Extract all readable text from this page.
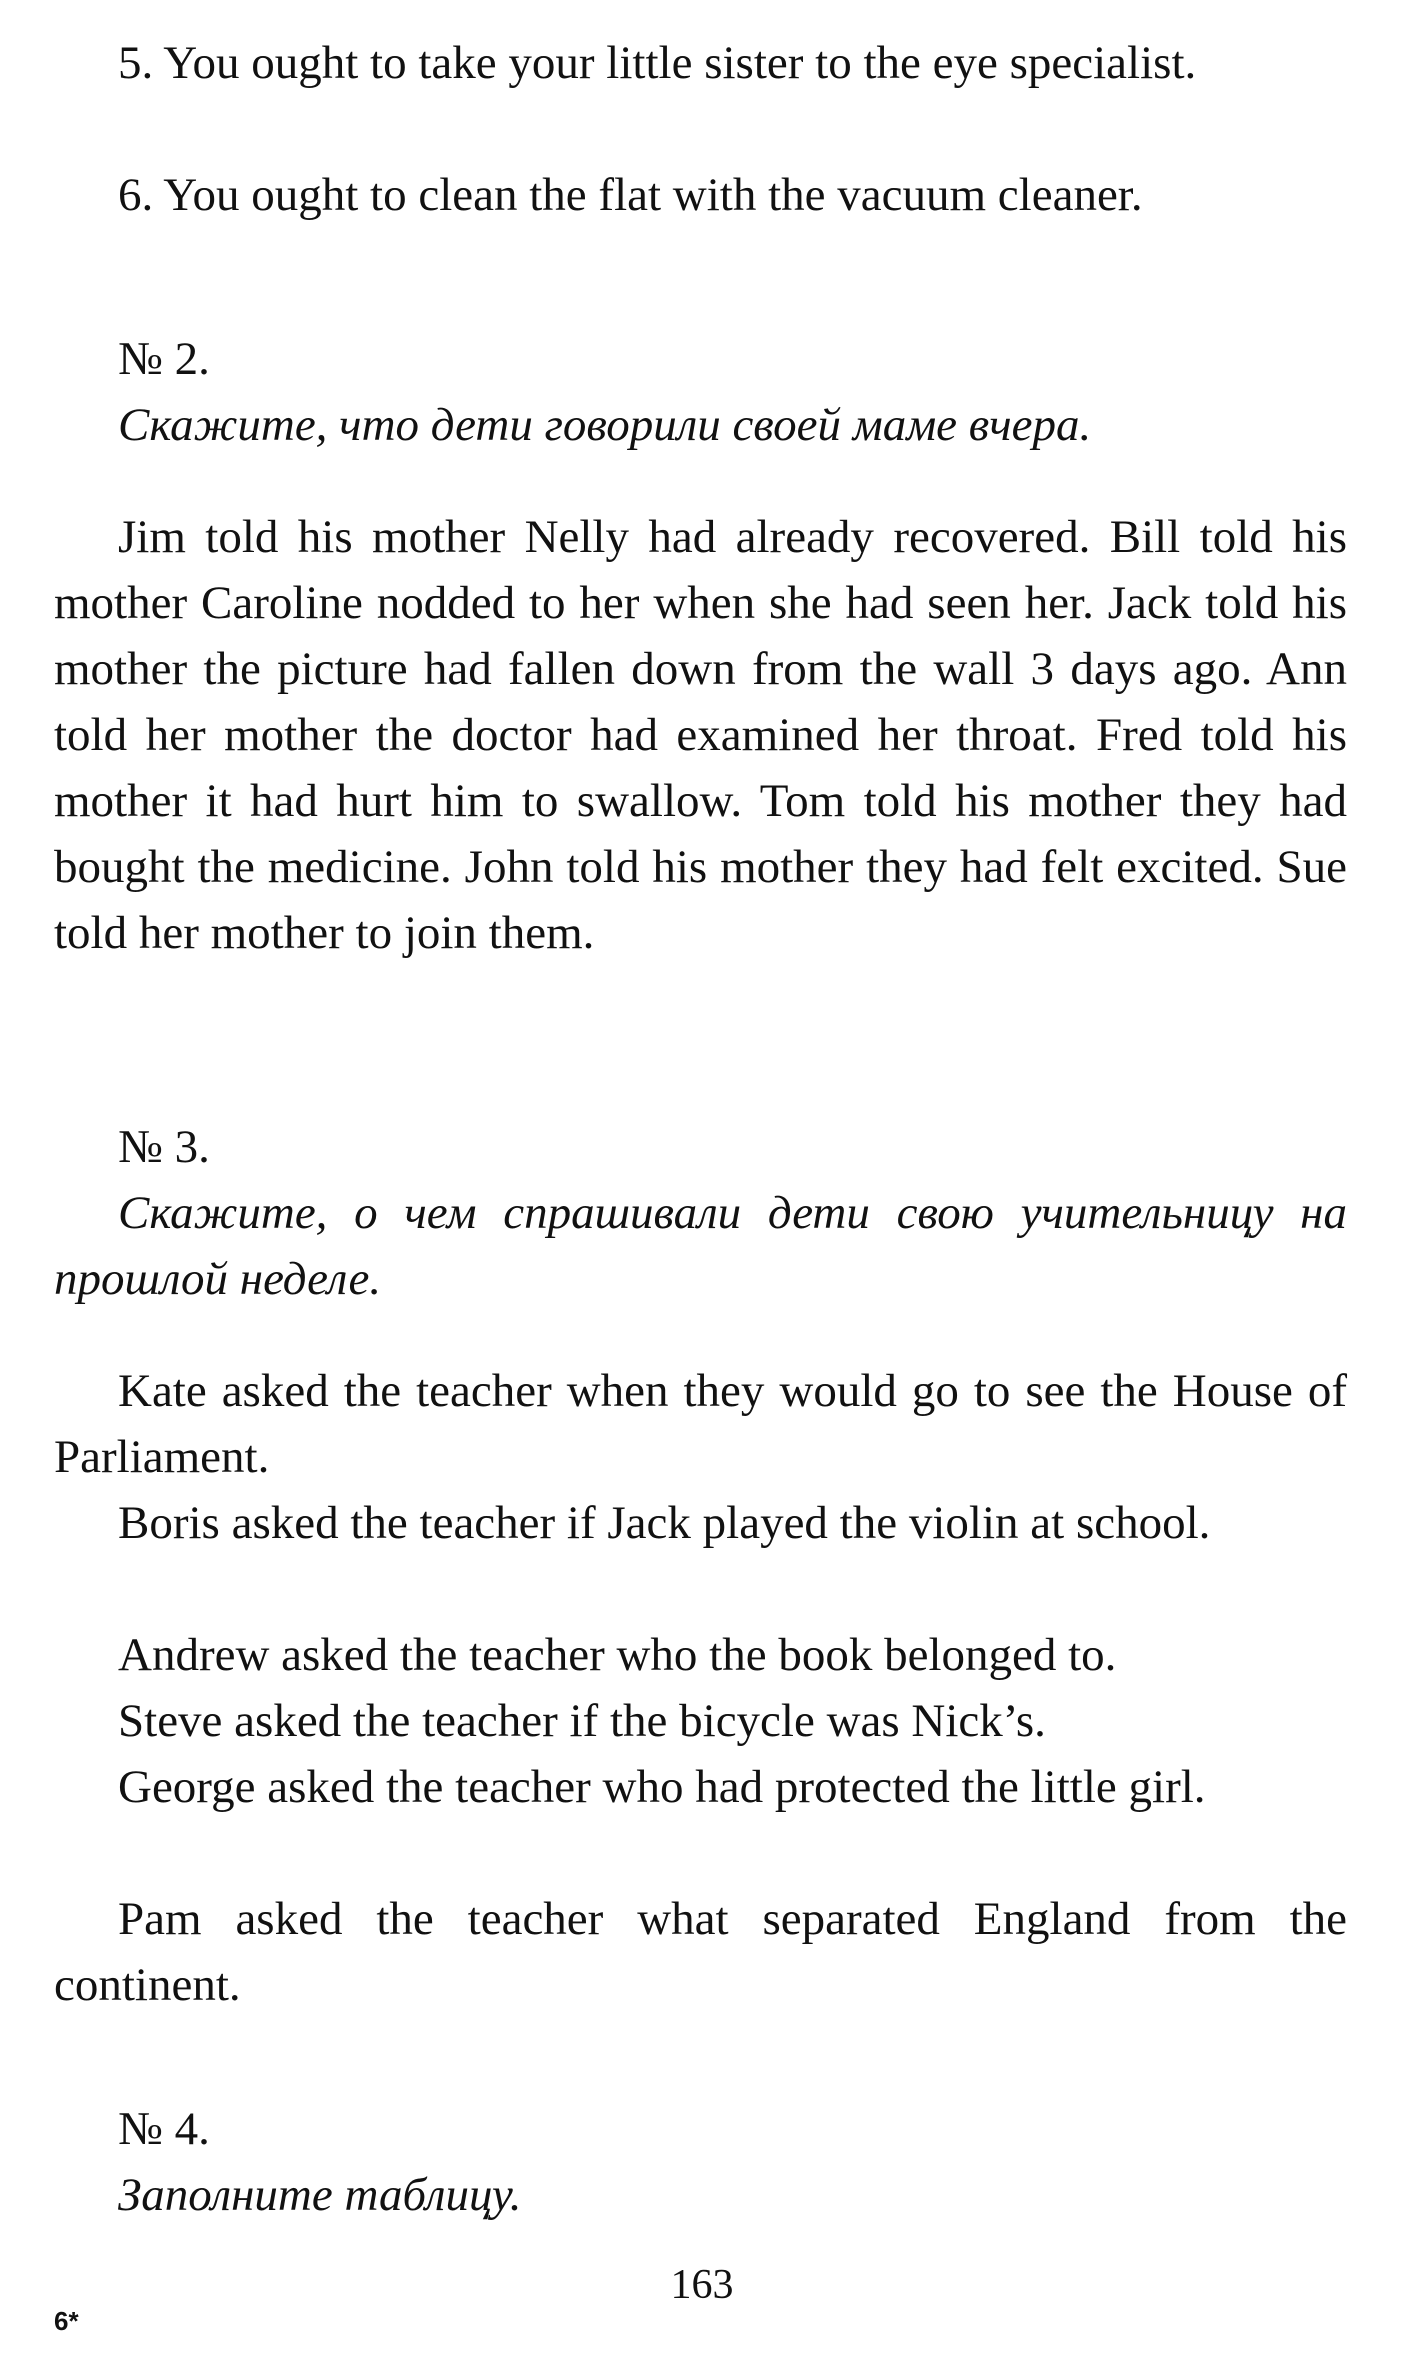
5. You ought to take your little sister to the eye specialist.

6. You ought to clean the flat with the vacuum cleaner.

№ 2.

Скажите, что дети говорили своей маме вчера.

Jim told his mother Nelly had already recovered. Bill told his mother Caroline nodded to her when she had seen her. Jack told his mother the picture had fallen down from the wall 3 days ago. Ann told her mother the doctor had examined her throat. Fred told his mother it had hurt him to swallow. Tom told his mother they had bought the medicine. John told his mother they had felt excited. Sue told her mother to join them.

№ 3.

Скажите, о чем спрашивали дети свою учительницу на прошлой неделе.

Kate asked the teacher when they would go to see the House of Parliament.

Boris asked the teacher if Jack played the violin at school.

Andrew asked the teacher who the book belonged to.

Steve asked the teacher if the bicycle was Nick’s.

George asked the teacher who had protected the little girl.

Pam asked the teacher what separated England from the continent.

№ 4.

Заполните таблицу.

163
6*
